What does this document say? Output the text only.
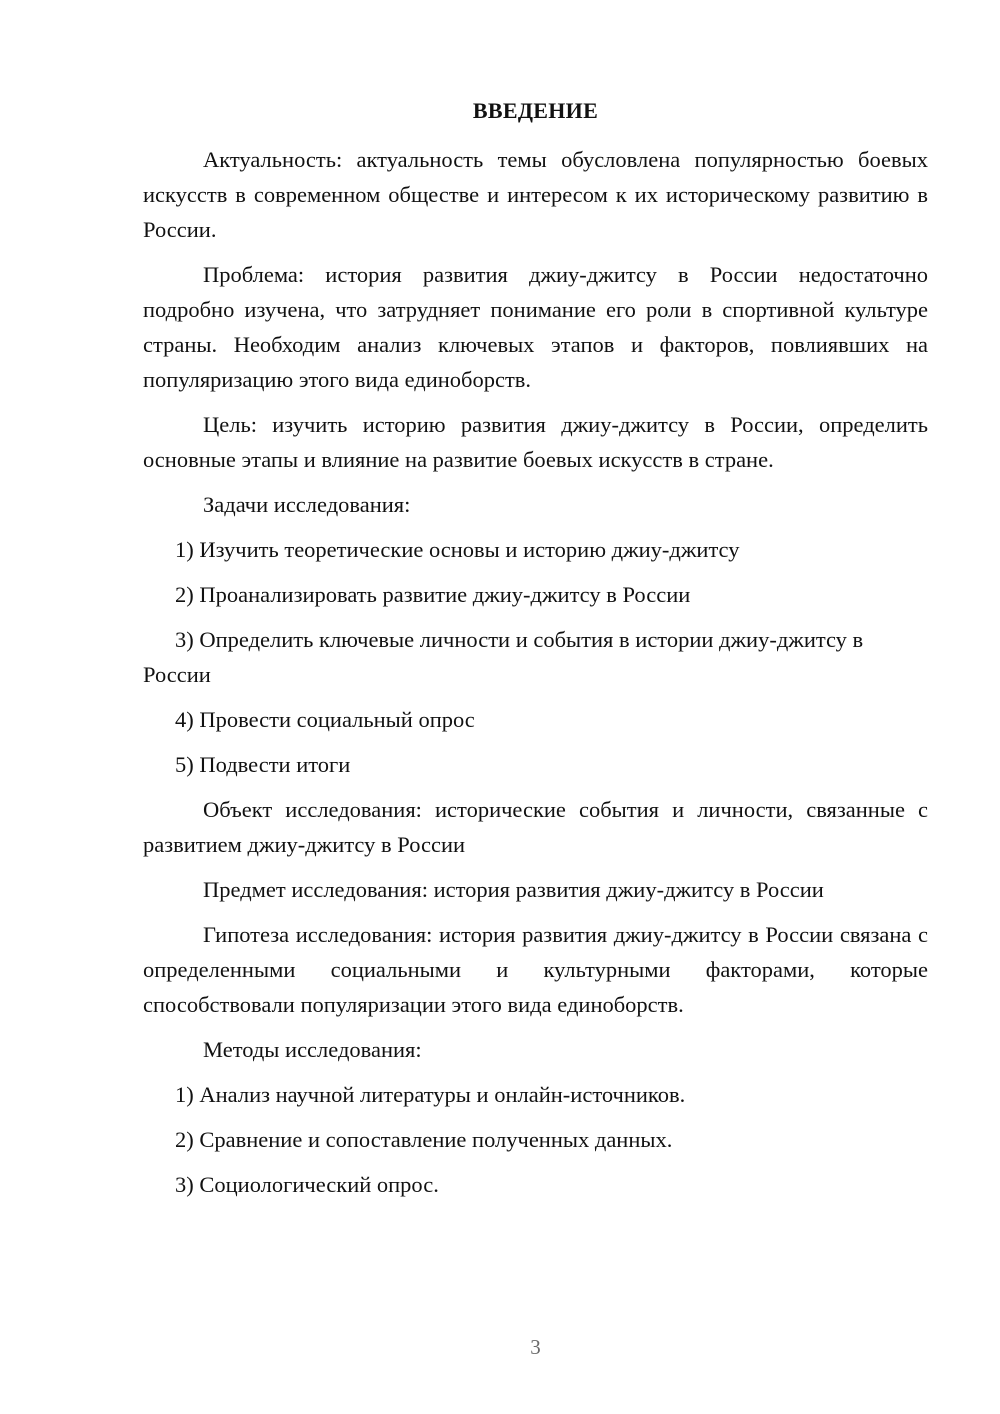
ВВЕДЕНИЕ

Актуальность: актуальность темы обусловлена популярностью боевых искусств в современном обществе и интересом к их историческому развитию в России.

Проблема: история развития джиу-джитсу в России недостаточно подробно изучена, что затрудняет понимание его роли в спортивной культуре страны. Необходим анализ ключевых этапов и факторов, повлиявших на популяризацию этого вида единоборств.

Цель: изучить историю развития джиу-джитсу в России, определить основные этапы и влияние на развитие боевых искусств в стране.

Задачи исследования:

1) Изучить теоретические основы и историю джиу-джитсу

2) Проанализировать развитие джиу-джитсу в России

3) Определить ключевые личности и события в истории джиу-джитсу в России

4) Провести социальный опрос

5) Подвести итоги

Объект исследования: исторические события и личности, связанные с развитием джиу-джитсу в России

Предмет исследования: история развития джиу-джитсу в России

Гипотеза исследования: история развития джиу-джитсу в России связана с определенными социальными и культурными факторами, которые способствовали популяризации этого вида единоборств.

Методы исследования:

1) Анализ научной литературы и онлайн-источников.

2) Сравнение и сопоставление полученных данных.

3) Социологический опрос.

3
